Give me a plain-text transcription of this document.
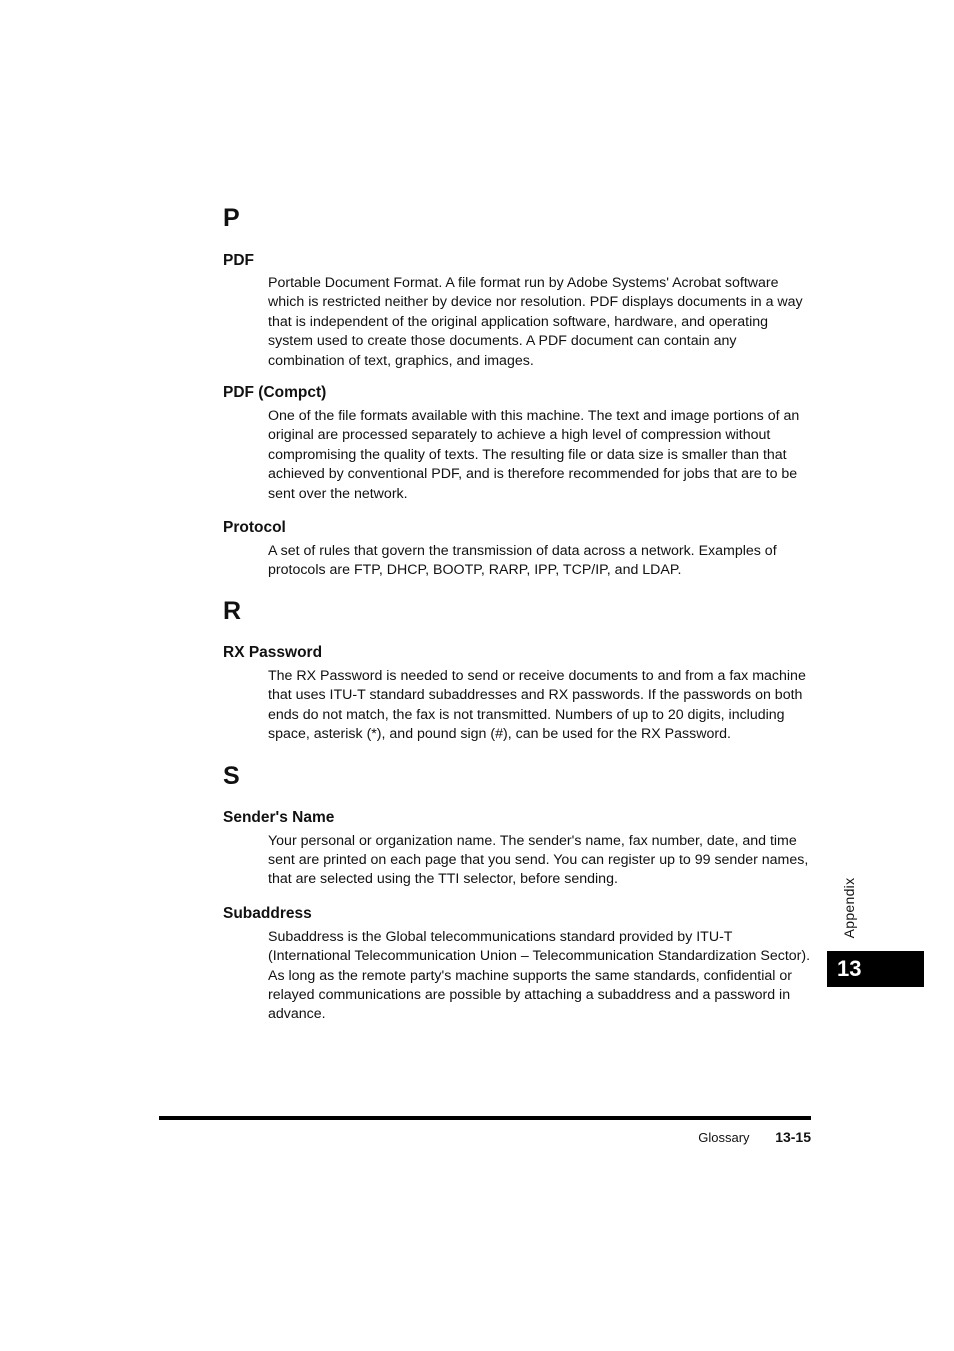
P
PDF

Portable Document Format. A file format run by Adobe Systems' Acrobat software which is restricted neither by device nor resolution. PDF displays documents in a way that is independent of the original application software, hardware, and operating system used to create those documents. A PDF document can contain any combination of text, graphics, and images.

PDF (Compct)

One of the file formats available with this machine. The text and image portions of an original are processed separately to achieve a high level of compression without compromising the quality of texts. The resulting file or data size is smaller than that achieved by conventional PDF, and is therefore recommended for jobs that are to be sent over the network.

Protocol

A set of rules that govern the transmission of data across a network. Examples of protocols are FTP, DHCP, BOOTP, RARP, IPP, TCP/IP, and LDAP.

R
RX Password

The RX Password is needed to send or receive documents to and from a fax machine that uses ITU-T standard subaddresses and RX passwords. If the passwords on both ends do not match, the fax is not transmitted. Numbers of up to 20 digits, including space, asterisk (*), and pound sign (#), can be used for the RX Password.

S
Sender's Name

Your personal or organization name. The sender's name, fax number, date, and time sent are printed on each page that you send. You can register up to 99 sender names, that are selected using the TTI selector, before sending.

Subaddress

Subaddress is the Global telecommunications standard provided by ITU-T (International Telecommunication Union – Telecommunication Standardization Sector). As long as the remote party's machine supports the same standards, confidential or relayed communications are possible by attaching a subaddress and a password in advance.

Appendix
13
Glossary 13-15
